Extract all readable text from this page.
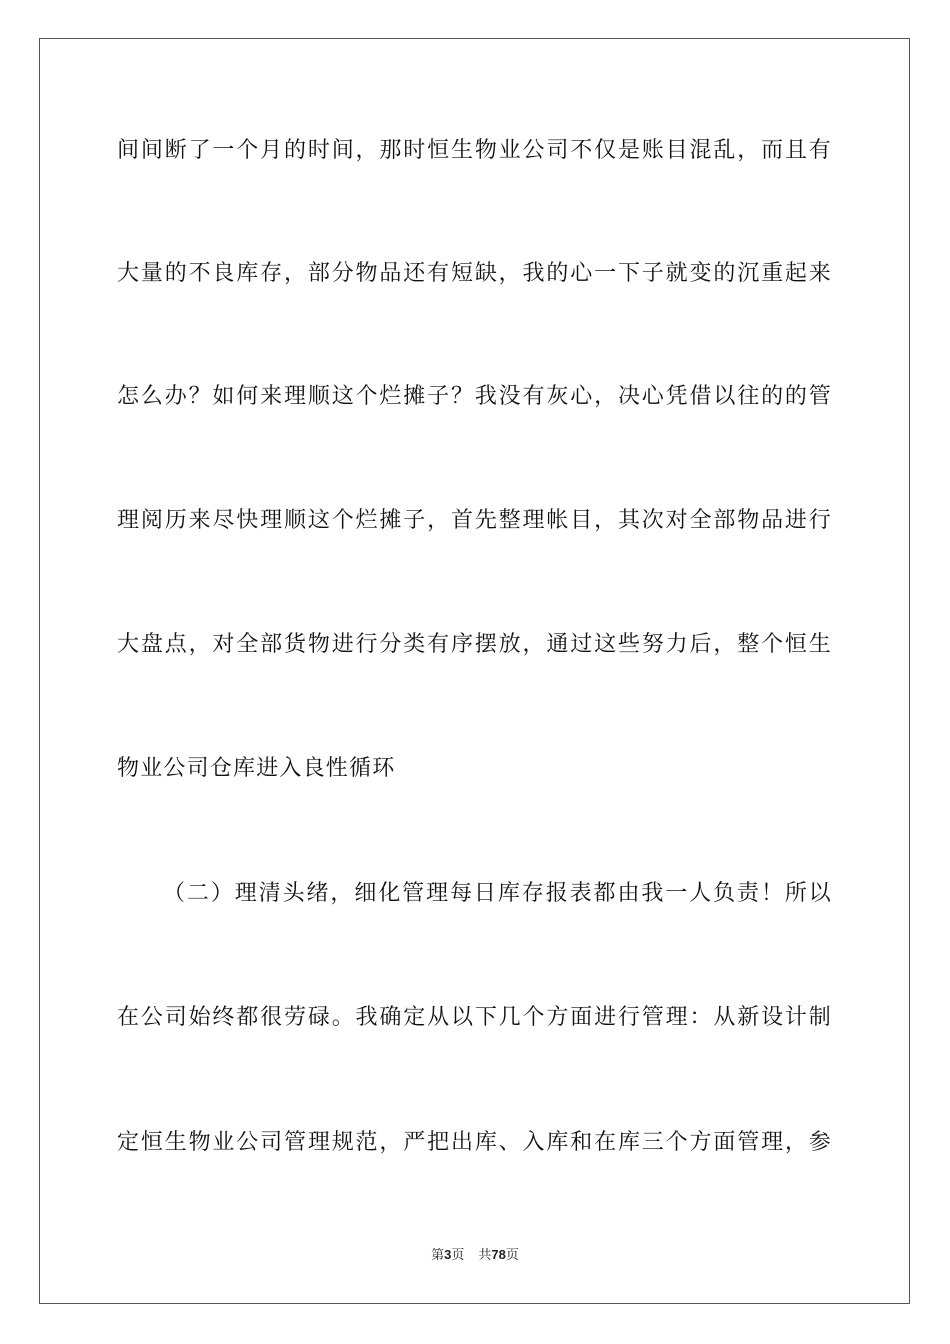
间间断了一个月的时间，那时恒生物业公司不仅是账目混乱，而且有
大量的不良库存，部分物品还有短缺，我的心一下子就变的沉重起来
怎么办？如何来理顺这个烂摊子？我没有灰心，决心凭借以往的的管
理阅历来尽快理顺这个烂摊子，首先整理帐目，其次对全部物品进行
大盘点，对全部货物进行分类有序摆放，通过这些努力后，整个恒生
物业公司仓库进入良性循环
（二）理清头绪，细化管理每日库存报表都由我一人负责！所以
在公司始终都很劳碌。我确定从以下几个方面进行管理：从新设计制
定恒生物业公司管理规范，严把出库、入库和在库三个方面管理，参
第3页 共78页
